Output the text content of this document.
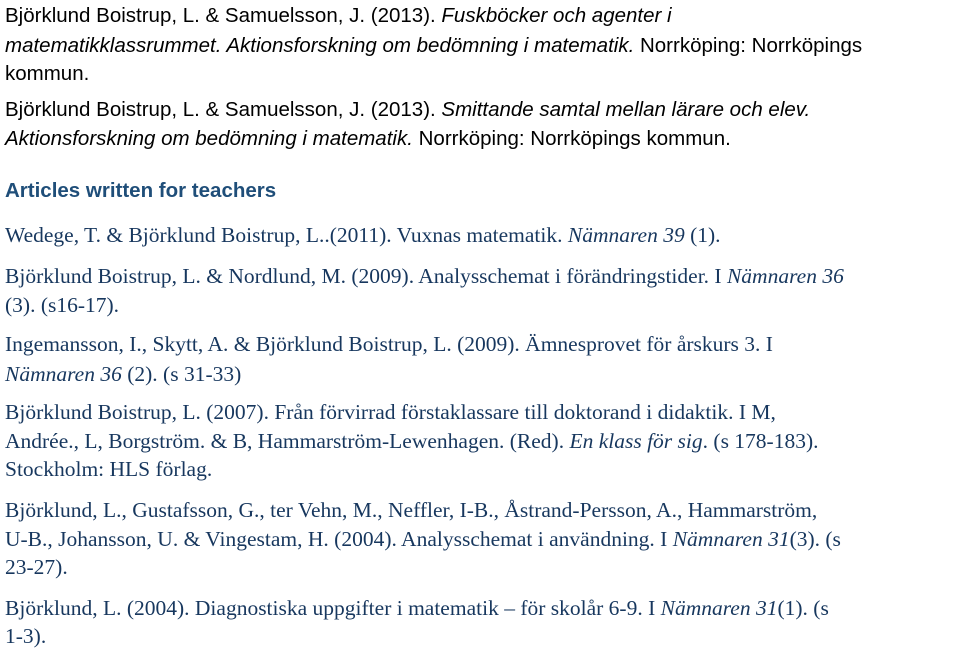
Björklund Boistrup, L. & Samuelsson, J. (2013). Fuskböcker och agenter i
matematikklassrummet. Aktionsforskning om bedömning i matematik. Norrköping: Norrköpings
kommun.
Björklund Boistrup, L. & Samuelsson, J. (2013). Smittande samtal mellan lärare och elev.
Aktionsforskning om bedömning i matematik. Norrköping: Norrköpings kommun.
Articles written for teachers
Wedege, T. & Björklund Boistrup, L..(2011). Vuxnas matematik. Nämnaren 39 (1).
Björklund Boistrup, L. & Nordlund, M. (2009). Analysschemat i förändringstider. I Nämnaren 36
(3). (s16-17).
Ingemansson, I., Skytt, A. & Björklund Boistrup, L. (2009). Ämnesprovet för årskurs 3. I
Nämnaren 36 (2). (s 31-33)
Björklund Boistrup, L. (2007). Från förvirrad förstaklassare till doktorand i didaktik. I M,
Andrée., L, Borgström. & B, Hammarström-Lewenhagen. (Red). En klass för sig. (s 178-183).
Stockholm: HLS förlag.
Björklund, L., Gustafsson, G., ter Vehn, M., Neffler, I-B., Åstrand-Persson, A., Hammarström,
U-B., Johansson, U. & Vingestam, H. (2004). Analysschemat i användning. I Nämnaren 31(3). (s
23-27).
Björklund, L. (2004). Diagnostiska uppgifter i matematik – för skolår 6-9. I Nämnaren 31(1). (s
1-3).
